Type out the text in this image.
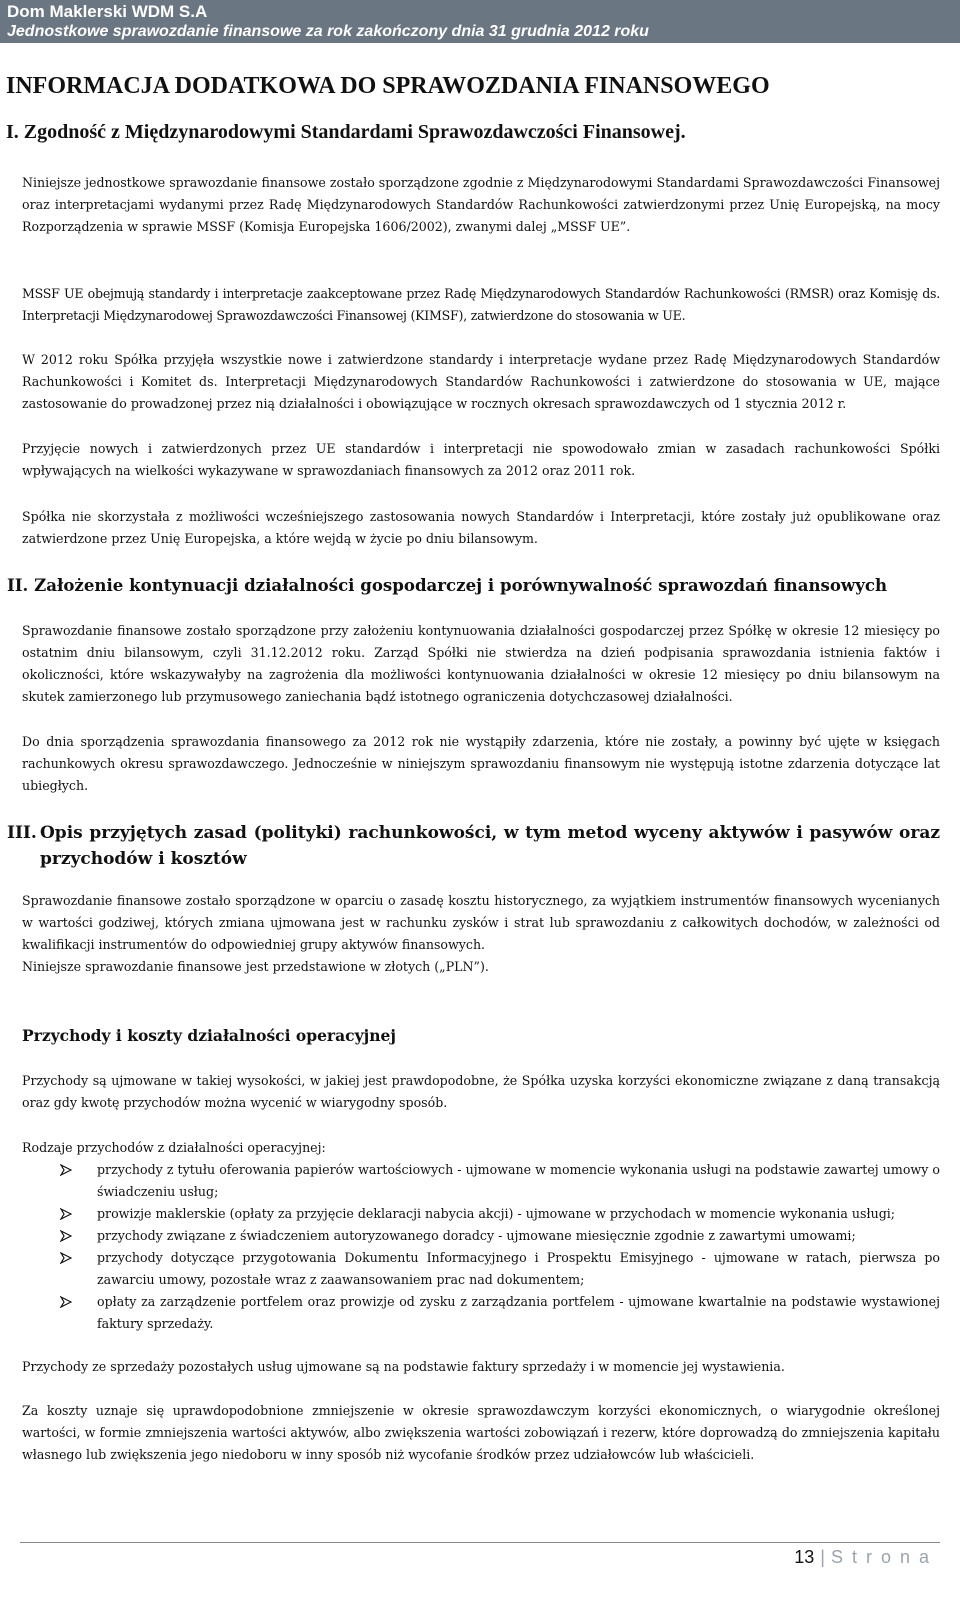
Dom Maklerski WDM S.A
Jednostkowe sprawozdanie finansowe za rok zakończony dnia 31 grudnia 2012 roku
INFORMACJA DODATKOWA DO SPRAWOZDANIA FINANSOWEGO
I. Zgodność z Międzynarodowymi Standardami Sprawozdawczości Finansowej.

Niniejsze jednostkowe sprawozdanie finansowe zostało sporządzone zgodnie z Międzynarodowymi Standardami Sprawozdawczości Finansowej oraz interpretacjami wydanymi przez Radę Międzynarodowych Standardów Rachunkowości zatwierdzonymi przez Unię Europejską, na mocy Rozporządzenia w sprawie MSSF (Komisja Europejska 1606/2002), zwanymi dalej „MSSF UE”.

MSSF UE obejmują standardy i interpretacje zaakceptowane przez Radę Międzynarodowych Standardów Rachunkowości (RMSR) oraz Komisję ds. Interpretacji Międzynarodowej Sprawozdawczości Finansowej (KIMSF), zatwierdzone do stosowania w UE.

W 2012 roku Spółka przyjęła wszystkie nowe i zatwierdzone standardy i interpretacje wydane przez Radę Międzynarodowych Standardów Rachunkowości i Komitet ds. Interpretacji Międzynarodowych Standardów Rachunkowości i zatwierdzone do stosowania w UE, mające zastosowanie do prowadzonej przez nią działalności i obowiązujące w rocznych okresach sprawozdawczych od 1 stycznia 2012 r.

Przyjęcie nowych i zatwierdzonych przez UE standardów i interpretacji nie spowodowało zmian w zasadach rachunkowości Spółki wpływających na wielkości wykazywane w sprawozdaniach finansowych za 2012 oraz 2011 rok.

Spółka nie skorzystała z możliwości wcześniejszego zastosowania nowych Standardów i Interpretacji, które zostały już opublikowane oraz zatwierdzone przez Unię Europejska, a które wejdą w życie po dniu bilansowym.

Sprawozdanie finansowe zostało sporządzone przy założeniu kontynuowania działalności gospodarczej przez Spółkę w okresie 12 miesięcy po ostatnim dniu bilansowym, czyli 31.12.2012 roku. Zarząd Spółki nie stwierdza na dzień podpisania sprawozdania istnienia faktów i okoliczności, które wskazywałyby na zagrożenia dla możliwości kontynuowania działalności w okresie 12 miesięcy po dniu bilansowym na skutek zamierzonego lub przymusowego zaniechania bądź istotnego ograniczenia dotychczasowej działalności.

Do dnia sporządzenia sprawozdania finansowego za 2012 rok nie wystąpiły zdarzenia, które nie zostały, a powinny być ujęte w księgach rachunkowych okresu sprawozdawczego. Jednocześnie w niniejszym sprawozdaniu finansowym nie występują istotne zdarzenia dotyczące lat ubiegłych.

Sprawozdanie finansowe zostało sporządzone w oparciu o zasadę kosztu historycznego, za wyjątkiem instrumentów finansowych wycenianych w wartości godziwej, których zmiana ujmowana jest w rachunku zysków i strat lub sprawozdaniu z całkowitych dochodów, w zależności od kwalifikacji instrumentów do odpowiedniej grupy aktywów finansowych.

Niniejsze sprawozdanie finansowe jest przedstawione w złotych („PLN”).

Przychody są ujmowane w takiej wysokości, w jakiej jest prawdopodobne, że Spółka uzyska korzyści ekonomiczne związane z daną transakcją oraz gdy kwotę przychodów można wycenić w wiarygodny sposób.

Rodzaje przychodów z działalności operacyjnej:

przychody z tytułu oferowania papierów wartościowych - ujmowane w momencie wykonania usługi na podstawie zawartej umowy o świadczeniu usług;
prowizje maklerskie (opłaty za przyjęcie deklaracji nabycia akcji) - ujmowane w przychodach w momencie wykonania usługi;
przychody związane z świadczeniem autoryzowanego doradcy - ujmowane miesięcznie zgodnie z zawartymi umowami;
przychody dotyczące przygotowania Dokumentu Informacyjnego i Prospektu Emisyjnego - ujmowane w ratach, pierwsza po zawarciu umowy, pozostałe wraz z zaawansowaniem prac nad dokumentem;
opłaty za zarządzenie portfelem oraz prowizje od zysku z zarządzania portfelem - ujmowane kwartalnie na podstawie wystawionej faktury sprzedaży.

Przychody ze sprzedaży pozostałych usług ujmowane są na podstawie faktury sprzedaży i w momencie jej wystawienia.

Za koszty uznaje się uprawdopodobnione zmniejszenie w okresie sprawozdawczym korzyści ekonomicznych, o wiarygodnie określonej wartości, w formie zmniejszenia wartości aktywów, albo zwiększenia wartości zobowiązań i rezerw, które doprowadzą do zmniejszenia kapitału własnego lub zwiększenia jego niedoboru w inny sposób niż wycofanie środków przez udziałowców lub właścicieli.

II. Założenie kontynuacji działalności gospodarczej i porównywalność sprawozdań finansowych
III. Opis przyjętych zasad (polityki) rachunkowości, w tym metod wyceny aktywów i pasywów oraz przychodów i kosztów
Przychody i koszty działalności operacyjnej
13 | Strona
